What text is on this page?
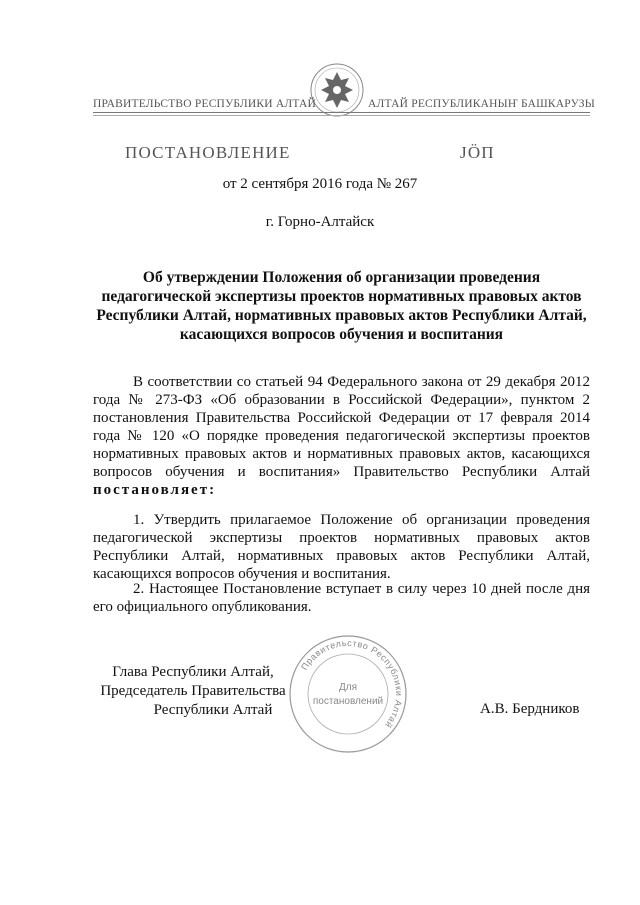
ПРАВИТЕЛЬСТВО РЕСПУБЛИКИ АЛТАЙ	АЛТАЙ РЕСПУБЛИКАНЫҤ БАШКАРУЗЫ
ПОСТАНОВЛЕНИЕ	ЈӦП
от 2 сентября 2016 года № 267
г. Горно-Алтайск
Об утверждении Положения об организации проведения педагогической экспертизы проектов нормативных правовых актов Республики Алтай, нормативных правовых актов Республики Алтай, касающихся вопросов обучения и воспитания

В соответствии со статьей 94 Федерального закона от 29 декабря 2012 года № 273-ФЗ «Об образовании в Российской Федерации», пунктом 2 постановления Правительства Российской Федерации от 17 февраля 2014 года № 120 «О порядке проведения педагогической экспертизы проектов нормативных правовых актов и нормативных правовых актов, касающихся вопросов обучения и воспитания» Правительство Республики Алтай постановляет:

1. Утвердить прилагаемое Положение об организации проведения педагогической экспертизы проектов нормативных правовых актов Республики Алтай, нормативных правовых актов Республики Алтай, касающихся вопросов обучения и воспитания.

2. Настоящее Постановление вступает в силу через 10 дней после дня его официального опубликования.

Глава Республики Алтай,
Председатель Правительства
Республики Алтай	А.В. Бердников
Правительство Республики Алтай
Для
постановлений
